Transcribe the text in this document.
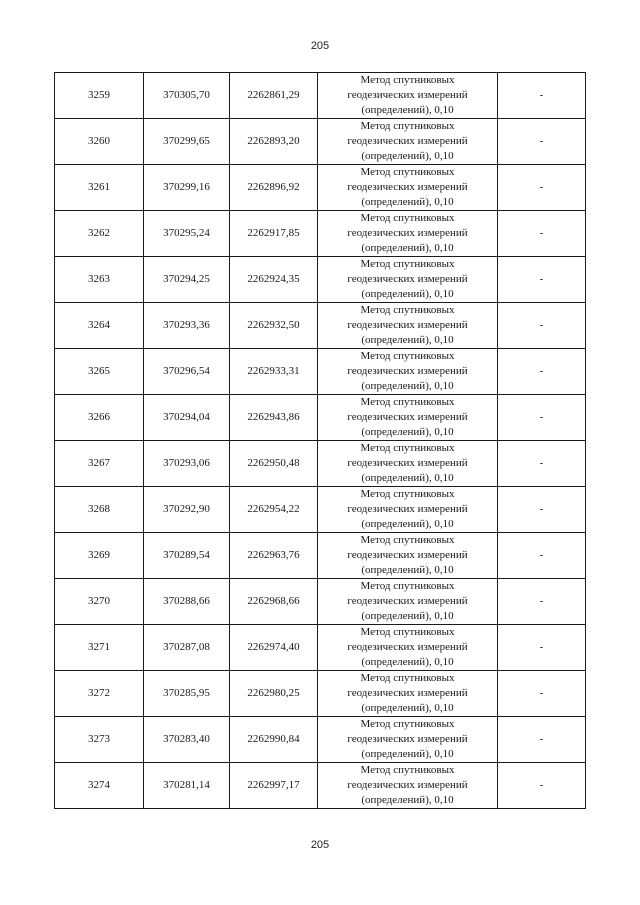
205
3259	370305,70	2262861,29	Метод спутниковых
геодезических измерений
(определений), 0,10	-
3260	370299,65	2262893,20	Метод спутниковых
геодезических измерений
(определений), 0,10	-
3261	370299,16	2262896,92	Метод спутниковых
геодезических измерений
(определений), 0,10	-
3262	370295,24	2262917,85	Метод спутниковых
геодезических измерений
(определений), 0,10	-
3263	370294,25	2262924,35	Метод спутниковых
геодезических измерений
(определений), 0,10	-
3264	370293,36	2262932,50	Метод спутниковых
геодезических измерений
(определений), 0,10	-
3265	370296,54	2262933,31	Метод спутниковых
геодезических измерений
(определений), 0,10	-
3266	370294,04	2262943,86	Метод спутниковых
геодезических измерений
(определений), 0,10	-
3267	370293,06	2262950,48	Метод спутниковых
геодезических измерений
(определений), 0,10	-
3268	370292,90	2262954,22	Метод спутниковых
геодезических измерений
(определений), 0,10	-
3269	370289,54	2262963,76	Метод спутниковых
геодезических измерений
(определений), 0,10	-
3270	370288,66	2262968,66	Метод спутниковых
геодезических измерений
(определений), 0,10	-
3271	370287,08	2262974,40	Метод спутниковых
геодезических измерений
(определений), 0,10	-
3272	370285,95	2262980,25	Метод спутниковых
геодезических измерений
(определений), 0,10	-
3273	370283,40	2262990,84	Метод спутниковых
геодезических измерений
(определений), 0,10	-
3274	370281,14	2262997,17	Метод спутниковых
геодезических измерений
(определений), 0,10	-
205
